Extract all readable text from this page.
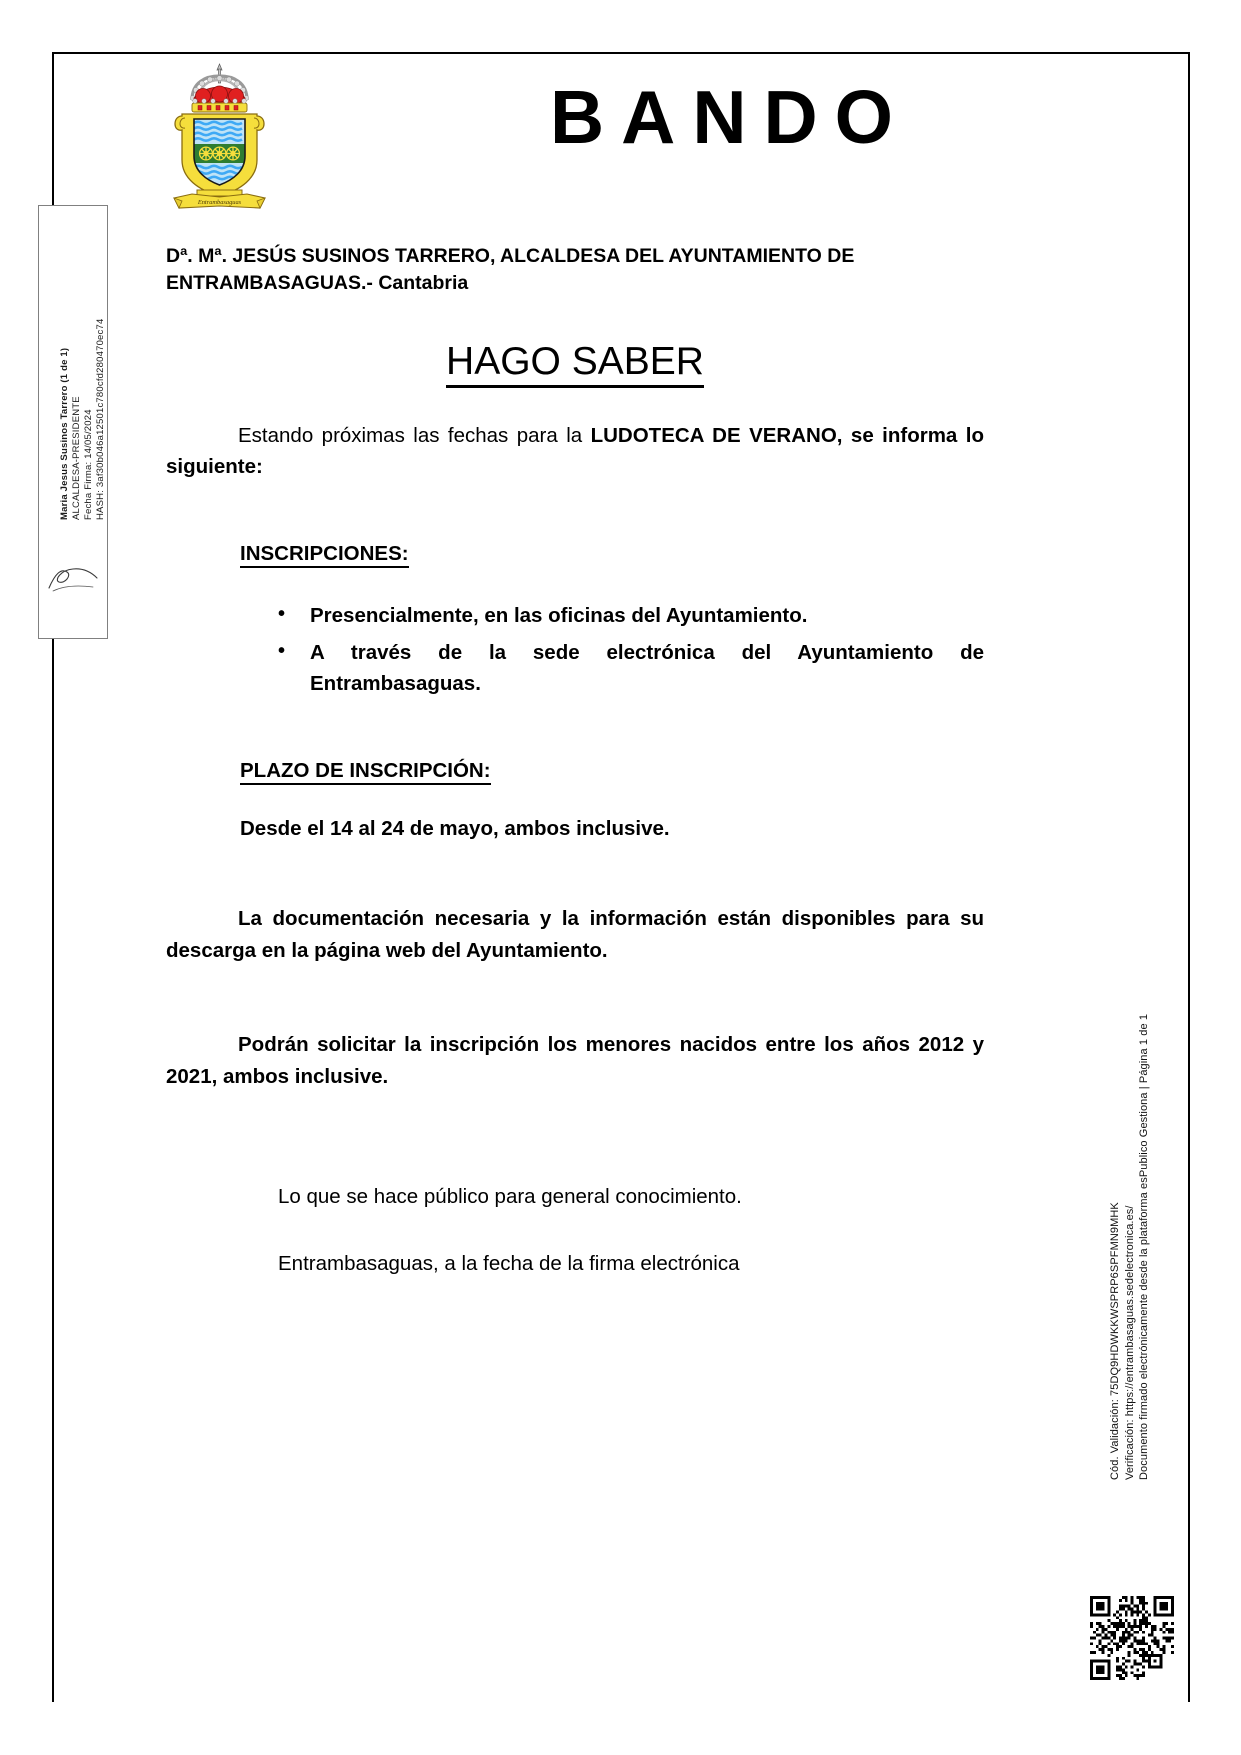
Entrambasaguas
BANDO
Maria Jesus Susinos Tarrero (1 de 1) ALCALDESA-PRESIDENTE Fecha Firma: 14/05/2024 HASH: 3af30b046a12501c780cfd280470ec74

Dª. Mª. JESÚS SUSINOS TARRERO, ALCALDESA DEL AYUNTAMIENTO DE ENTRAMBASAGUAS.- Cantabria

HAGO SABER

Estando próximas las fechas para la LUDOTECA DE VERANO, se informa lo siguiente:

INSCRIPCIONES:

• Presencialmente, en las oficinas del Ayuntamiento.
• A través de la sede electrónica del Ayuntamiento de Entrambasaguas.

PLAZO DE INSCRIPCIÓN:

Desde el 14 al 24 de mayo, ambos inclusive.

La documentación necesaria y la información están disponibles para su descarga en la página web del Ayuntamiento.

Podrán solicitar la inscripción los menores nacidos entre los años 2012 y 2021, ambos inclusive.

Lo que se hace público para general conocimiento.

Entrambasaguas, a la fecha de la firma electrónica	Cód. Validación: 75DQ9HDWKKWSPRP6SPFMN9MHK Verificación: https://entrambasaguas.sedelectronica.es/ Documento firmado electrónicamente desde la plataforma esPublico Gestiona | Página 1 de 1
